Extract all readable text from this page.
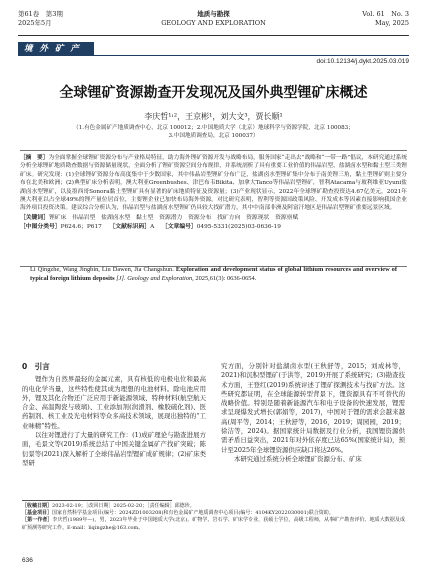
第61卷　第3期
2025年5月
地质与勘探
GEOLOGY AND EXPLORATION
Vol. 61　No. 3
May, 2025
境 外 矿 产
doi:10.12134/j.dykt.2025.03.019
全球锂矿资源勘查开发现况及国外典型锂矿床概述
李庆哲¹˒²，王京彬¹，刘大文³，贾长顺¹
（1.有色金属矿产地质调查中心，北京 100012；2.中国地质大学（北京）地球科学与资源学院，北京 100083；
3.中国地质调查局，北京 100037）

［摘　要］为全面掌握全球锂矿资源分布与产业格局特征，助力海外锂矿资源开发与战略布局，服务国家“走出去”战略和“一带一路”倡议，本研究通过系统分析全球锂矿地质勘查数据与资源储量现状，全面分析了锂矿资源空间分布规律，并系统剖析了具有重要工业价值的伟晶岩型、盐湖卤水型和黏土型三类锂矿床。研究发现：(1)全球锂矿资源分布高度集中于少数国家，其中伟晶岩型锂矿分布广泛，盐湖卤水型锂矿集中分布于南美锂三角，黏土型锂矿则主要分布在北美和欧洲；(2)典型矿床分析表明，澳大利亚Greenbushes、津巴布韦Bikita、加拿大Tanco等伟晶岩型锂矿，智利Atacama与玻利维亚Uyuni盐湖卤水型锂矿，以及墨西哥Sonora黏土型锂矿具有显著的矿床地质特征及资源量；(3)产业现状显示，2022年全球锂矿勘查投资达4.67亿美元，2021年澳大利亚以占全球49%的锂产量位居首位，主要锂企业已加快布局海外资源。对比研究表明，智利等资源国政策风险、开发成本等因素直接影响我国企业海外项目投资决策。建议综合分析认为，伟晶岩型与盐湖卤水型锂矿仍具较大找矿潜力，其中中南部非洲及阿富汗地区是伟晶岩型锂矿重要远景区域。

［关键词］锂矿床　伟晶岩型　盐湖卤水型　黏土型　资源潜力　资源分布　找矿方向　资源现状　资源禀赋
［中图分类号］P624.6；P617　 ［文献标识码］A　 ［文章编号］0495-5331(2025)03-0636-19
Li Qingzhe, Wang Jingbin, Liu Dawen, Jia Changshun. Exploration and development status of global lithium resources and overview of typical foreign lithium deposits [J]. Geology and Exploration, 2025,61(3): 0636-0654.

0　引言

锂作为自然界最轻的金属元素，具有核低的电极电位和最高的电化学当量，这些特性使其成为理想的电池材料。除电池应用外，锂及其化合物还广泛应用于新能源领域、特种材料(航空航天合金、高温陶瓷与玻璃)、工业添加剂(润滑剂、橡胶硫化剂)、医药制剂、核工业及光电材料等众多高技术领域，展现出独特的“工业味精”特性。

以往对锂进行了大量的研究工作：(1)成矿理论与勘查进展方面，毛景文等(2019)系统总结了中国关键金属矿产找矿突破；陈衍景等(2021)深入解析了全球伟晶岩型锂矿成矿规律；(2)矿床类型研

究方面，分别针对盐湖卤水型(王秋舒等，2015；刘成林等，2021)和沉积型锂矿(于洪等，2019)开展了系统研究；(3)勘查技术方面，王登红(2019)系统评述了锂矿探测技术与找矿方法。这些研究都证明，在全球能源转型背景下，锂资源具有不可替代的战略价值。特别是随着新能源汽车和电子设备的快速发展，锂需求呈现爆发式增长(郭娟等，2017)，中国对于锂的需求会越来越高(周平等，2014；王秋舒等，2016，2019；周园园，2019；徐洁等，2024)。据国家统计局数据及行业分析，我国锂资源供需矛盾日益突出，2021年对外依存度已达65%(国家统计局)，预计至2025年全球锂资源供应缺口将达26%。

本研究通过系统分析全球锂矿资源分布、矿床

［收稿日期］2023-02-19；［改回日期］2025-02-20；［责任编辑］邱德珍。

［基金项目］国家自然科学基金项目(编号：2024ZD1003208)和有色金属矿产地质调查中心项目(编号：4104KY2022030001)联合资助。

［第一作者］李庆哲(1989年—)，男，2023年毕业于中国地质大学(北京)，矿物学、岩石学、矿床学专业，获硕士学位，高级工程师，从事矿产勘查评价、地质大数据及成矿预测等研究工作。E-mail：liqingzhe@163.com。

636
